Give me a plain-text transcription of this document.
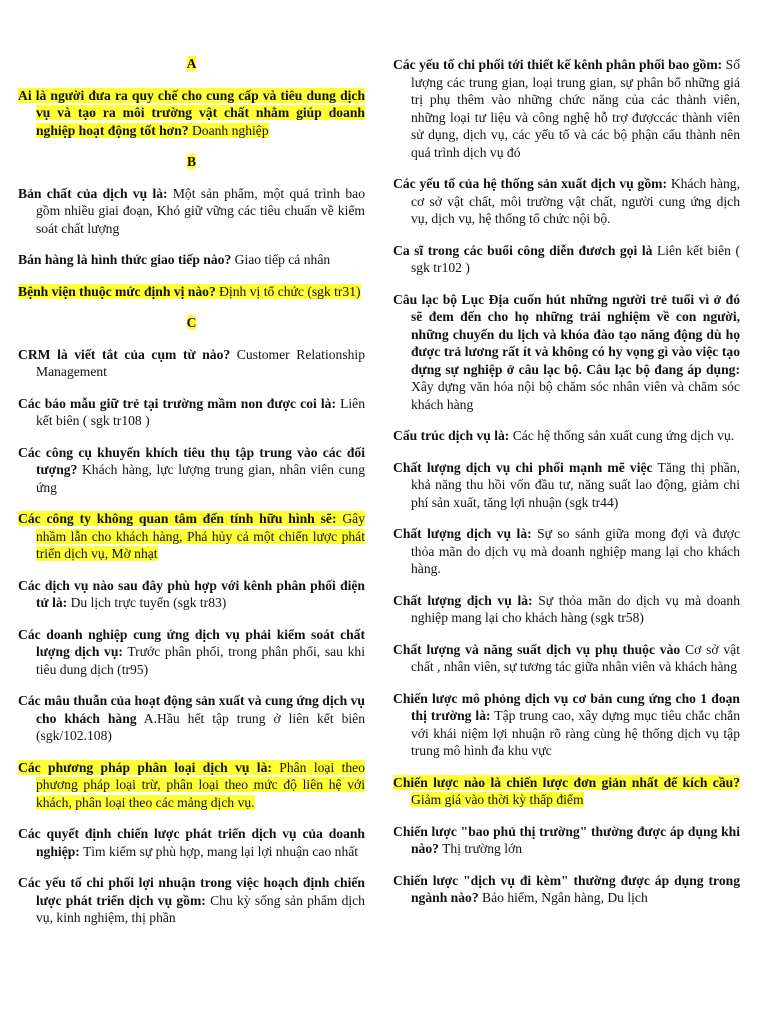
A

Ai là người đưa ra quy chế cho cung cấp và tiêu dung dịch vụ và tạo ra môi trường vật chất nhằm giúp doanh nghiệp hoạt động tốt hơn? Doanh nghiệp

B

Bản chất của dịch vụ là: Một sản phẩm, một quá trình bao gồm nhiều giai đoạn, Khó giữ vững các tiêu chuẩn về kiểm soát chất lượng

Bán hàng là hình thức giao tiếp nào? Giao tiếp cá nhân

Bệnh viện thuộc mức định vị nào? Định vị tổ chức (sgk tr31)

C

CRM là viết tắt của cụm từ nào? Customer Relationship Management

Các báo mẫu giữ trẻ tại trường mầm non được coi là: Liên kết biên ( sgk tr108 )

Các công cụ khuyến khích tiêu thụ tập trung vào các đối tượng? Khách hàng, lực lượng trung gian, nhân viên cung ứng

Các công ty không quan tâm đến tính hữu hình sẽ: Gây nhầm lẫn cho khách hàng, Phá hủy cả một chiến lược phát triển dịch vụ, Mờ nhạt

Các dịch vụ nào sau đây phù hợp với kênh phân phối điện tử là: Du lịch trực tuyến (sgk tr83)

Các doanh nghiệp cung ứng dịch vụ phải kiểm soát chất lượng dịch vụ: Trước phân phối, trong phân phối, sau khi tiêu dung dịch (tr95)

Các mâu thuẫn của hoạt động sản xuất và cung ứng dịch vụ cho khách hàng A.Hầu hết tập trung ở liên kết biên (sgk/102.108)

Các phương pháp phân loại dịch vụ là: Phân loại theo phương pháp loại trừ, phân loại theo mức độ liên hệ với khách, phân loại theo các mảng dịch vụ.

Các quyết định chiến lược phát triển dịch vụ của doanh nghiệp: Tìm kiếm sự phù hợp, mang lại lợi nhuận cao nhất

Các yếu tố chi phối lợi nhuận trong việc hoạch định chiến lược phát triển dịch vụ gồm: Chu kỳ sống sản phẩm dịch vụ, kinh nghiệm, thị phần

Các yếu tố chi phối tới thiết kế kênh phân phối bao gồm: Số lượng các trung gian, loại trung gian, sự phân bổ những giá trị phụ thêm vào những chức năng của các thành viên, những loại tư liệu và công nghệ hỗ trợ đượccác thành viên sử dụng, dịch vụ, các yếu tố và các bộ phận cấu thành nên quá trình dịch vụ đó

Các yếu tố của hệ thống sản xuất dịch vụ gồm: Khách hàng, cơ sở vật chất, môi trường vật chất, người cung ứng dịch vụ, dịch vụ, hệ thống tổ chức nội bộ.

Ca sĩ trong các buổi công diễn đươch gọi là Liên kết biên ( sgk tr102 )

Câu lạc bộ Lục Địa cuốn hút những người trẻ tuổi vì ở đó sẽ đem đến cho họ những trải nghiệm về con người, những chuyến du lịch và khóa đào tạo năng động dù họ được trả lương rất ít và không có hy vọng gì vào việc tạo dựng sự nghiệp ở câu lạc bộ. Câu lạc bộ đang áp dụng: Xây dựng văn hóa nội bộ chăm sóc nhân viên và chăm sóc khách hàng

Cấu trúc dịch vụ là: Các hệ thống sản xuất cung ứng dịch vụ.

Chất lượng dịch vụ chi phối mạnh mẽ việc Tăng thị phần, khả năng thu hồi vốn đầu tư, năng suất lao động, giảm chi phí sản xuất, tăng lợi nhuận (sgk tr44)

Chất lượng dịch vụ là: Sự so sánh giữa mong đợi và được thỏa mãn do dịch vụ mà doanh nghiệp mang lại cho khách hàng.

Chất lượng dịch vụ là: Sự thỏa mãn do dịch vụ mà doanh nghiệp mang lại cho khách hàng (sgk tr58)

Chất lượng và năng suất dịch vụ phụ thuộc vào Cơ sở vật chất , nhân viên, sự tương tác giữa nhân viên và khách hàng

Chiến lược mô phỏng dịch vụ cơ bản cung ứng cho 1 đoạn thị trường là: Tập trung cao, xây dựng mục tiêu chắc chắn với khái niệm lợi nhuận rõ ràng cùng hệ thống dịch vụ tập trung mô hình đa khu vực

Chiến lược nào là chiến lược đơn giản nhất để kích cầu? Giảm giá vào thời kỳ thấp điểm

Chiến lược "bao phủ thị trường" thường được áp dụng khi nào? Thị trường lớn

Chiến lược "dịch vụ đi kèm" thường được áp dụng trong ngành nào? Bảo hiểm, Ngân hàng, Du lịch
